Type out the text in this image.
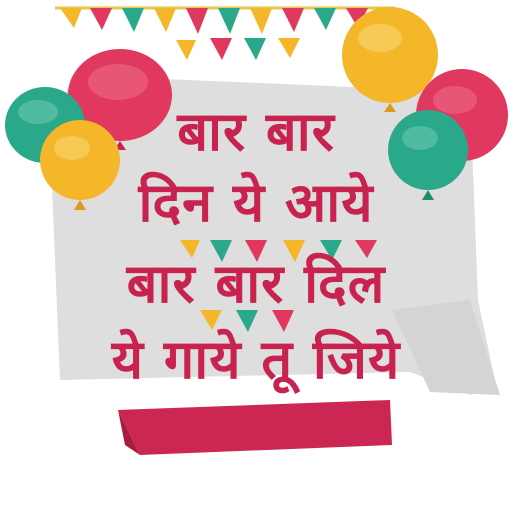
बार बार
दिन ये आये
बार बार दिल
ये गाये तू जिये
